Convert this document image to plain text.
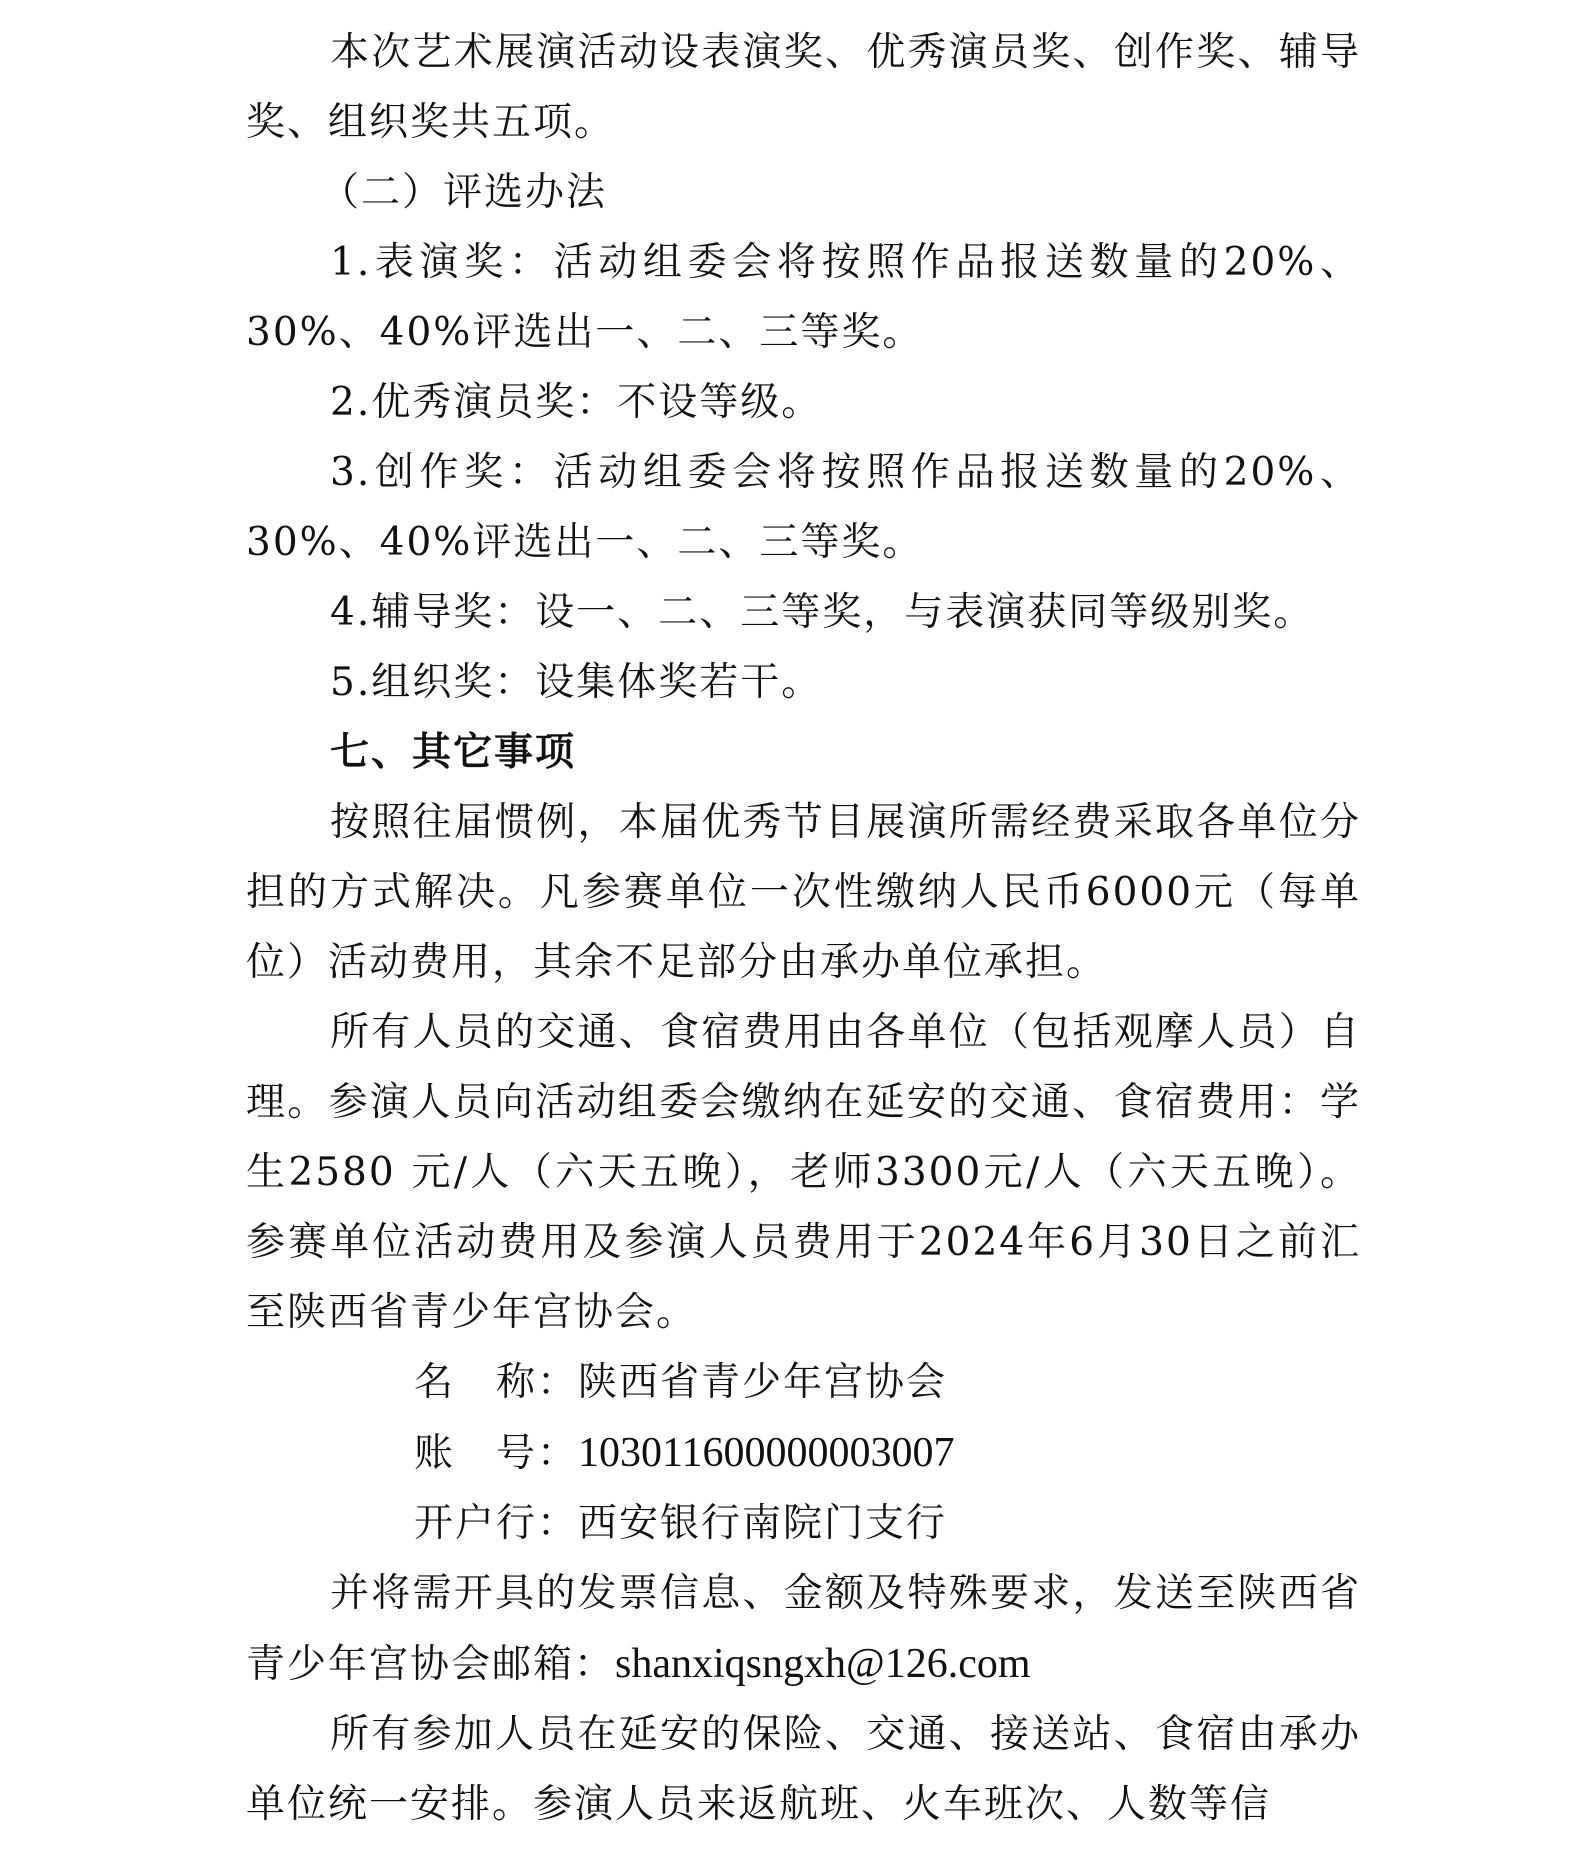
本次艺术展演活动设表演奖、优秀演员奖、创作奖、辅导奖、组织奖共五项。

（二）评选办法

1.表演奖：活动组委会将按照作品报送数量的20%、30%、40%评选出一、二、三等奖。

2.优秀演员奖：不设等级。

3.创作奖：活动组委会将按照作品报送数量的20%、30%、40%评选出一、二、三等奖。

4.辅导奖：设一、二、三等奖，与表演获同等级别奖。

5.组织奖：设集体奖若干。

七、其它事项

按照往届惯例，本届优秀节目展演所需经费采取各单位分担的方式解决。凡参赛单位一次性缴纳人民币6000元（每单位）活动费用，其余不足部分由承办单位承担。

所有人员的交通、食宿费用由各单位（包括观摩人员）自理。参演人员向活动组委会缴纳在延安的交通、食宿费用：学生2580 元/人（六天五晚），老师3300元/人（六天五晚）。参赛单位活动费用及参演人员费用于2024年6月30日之前汇至陕西省青少年宫协会。

名　称：陕西省青少年宫协会

账　号：103011600000003007

开户行：西安银行南院门支行

并将需开具的发票信息、金额及特殊要求，发送至陕西省青少年宫协会邮箱：shanxiqsngxh@126.com

所有参加人员在延安的保险、交通、接送站、食宿由承办单位统一安排。参演人员来返航班、火车班次、人数等信
